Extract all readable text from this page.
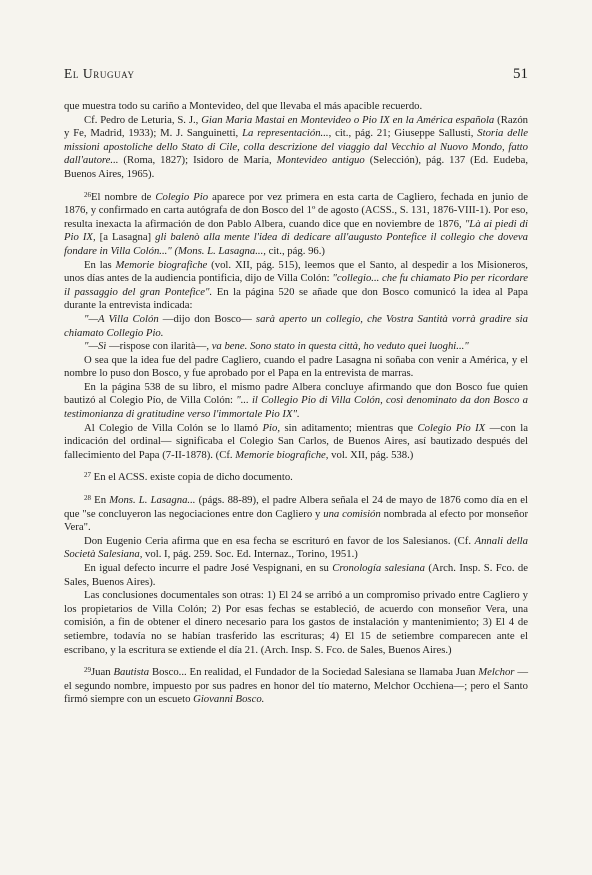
El Uruguay	51

que muestra todo su cariño a Montevideo, del que llevaba el más apacible recuerdo.

Cf. Pedro de Leturia, S. J., Gian Maria Mastai en Montevideo o Pio IX en la América española (Razón y Fe, Madrid, 1933); M. J. Sanguinetti, La representación..., cit., pág. 21; Giuseppe Sallusti, Storia delle missioni apostoliche dello Stato di Cile, colla descrizione del viaggio dal Vecchio al Nuovo Mondo, fatto dall'autore... (Roma, 1827); Isidoro de María, Montevideo antiguo (Selección), pág. 137 (Ed. Eudeba, Buenos Aires, 1965).

$^{26}$El nombre de Colegio Pio aparece por vez primera en esta carta de Cagliero, fechada en junio de 1876, y confirmado en carta autógrafa de don Bosco del 1º de agosto (ACSS., S. 131, 1876-VIII-1). Por eso, resulta inexacta la afirmación de don Pablo Albera, cuando dice que en noviembre de 1876, "Là ai piedi di Pio IX, [a Lasagna] gli balenò alla mente l'idea di dedicare all'augusto Pontefice il collegio che doveva fondare in Villa Colón..." (Mons. L. Lasagna..., cit., pág. 96.)

En las Memorie biografiche (vol. XII, pág. 515), leemos que el Santo, al despedir a los Misioneros, unos días antes de la audiencia pontificia, dijo de Villa Colón: "collegio... che fu chiamato Pio per ricordare il passaggio del gran Pontefice". En la página 520 se añade que don Bosco comunicó la idea al Papa durante la entrevista indicada:

"—A Villa Colón —dijo don Bosco— sarà aperto un collegio, che Vostra Santità vorrà gradire sia chiamato Collegio Pio.

"—Sì —rispose con ilarità—, va bene. Sono stato in questa città, ho veduto quei luoghi..."

O sea que la idea fue del padre Cagliero, cuando el padre Lasagna ni soñaba con venir a América, y el nombre lo puso don Bosco, y fue aprobado por el Papa en la entrevista de marras.

En la página 538 de su libro, el mismo padre Albera concluye afirmando que don Bosco fue quien bautizó al Colegio Pío, de Villa Colón: "... il Collegio Pio di Villa Colón, così denominato da don Bosco a testimonianza di gratitudine verso l'immortale Pio IX".

Al Colegio de Villa Colón se lo llamó Pio, sin aditamento; mientras que Colegio Pío IX —con la indicación del ordinal— significaba el Colegio San Carlos, de Buenos Aires, así bautizado después del fallecimiento del Papa (7-II-1878). (Cf. Memorie biografiche, vol. XII, pág. 538.)

$^{27}$ En el ACSS. existe copia de dicho documento.

$^{28}$ En Mons. L. Lasagna... (págs. 88-89), el padre Albera señala el 24 de mayo de 1876 como día en el que "se concluyeron las negociaciones entre don Cagliero y una comisión nombrada al efecto por monseñor Vera".

Don Eugenio Ceria afirma que en esa fecha se escrituró en favor de los Salesianos. (Cf. Annali della Società Salesiana, vol. I, pág. 259. Soc. Ed. Internaz., Torino, 1951.)

En igual defecto incurre el padre José Vespignani, en su Cronología salesiana (Arch. Insp. S. Fco. de Sales, Buenos Aires).

Las conclusiones documentales son otras: 1) El 24 se arribó a un compromiso privado entre Cagliero y los propietarios de Villa Colón; 2) Por esas fechas se estableció, de acuerdo con monseñor Vera, una comisión, a fin de obtener el dinero necesario para los gastos de instalación y mantenimiento; 3) El 4 de setiembre, todavía no se habían trasferido las escrituras; 4) El 15 de setiembre comparecen ante el escribano, y la escritura se extiende el día 21. (Arch. Insp. S. Fco. de Sales, Buenos Aires.)

$^{29}$Juan Bautista Bosco... En realidad, el Fundador de la Sociedad Salesiana se llamaba Juan Melchor —el segundo nombre, impuesto por sus padres en honor del tío materno, Melchor Occhiena—; pero el Santo firmó siempre con un escueto Giovanni Bosco.
